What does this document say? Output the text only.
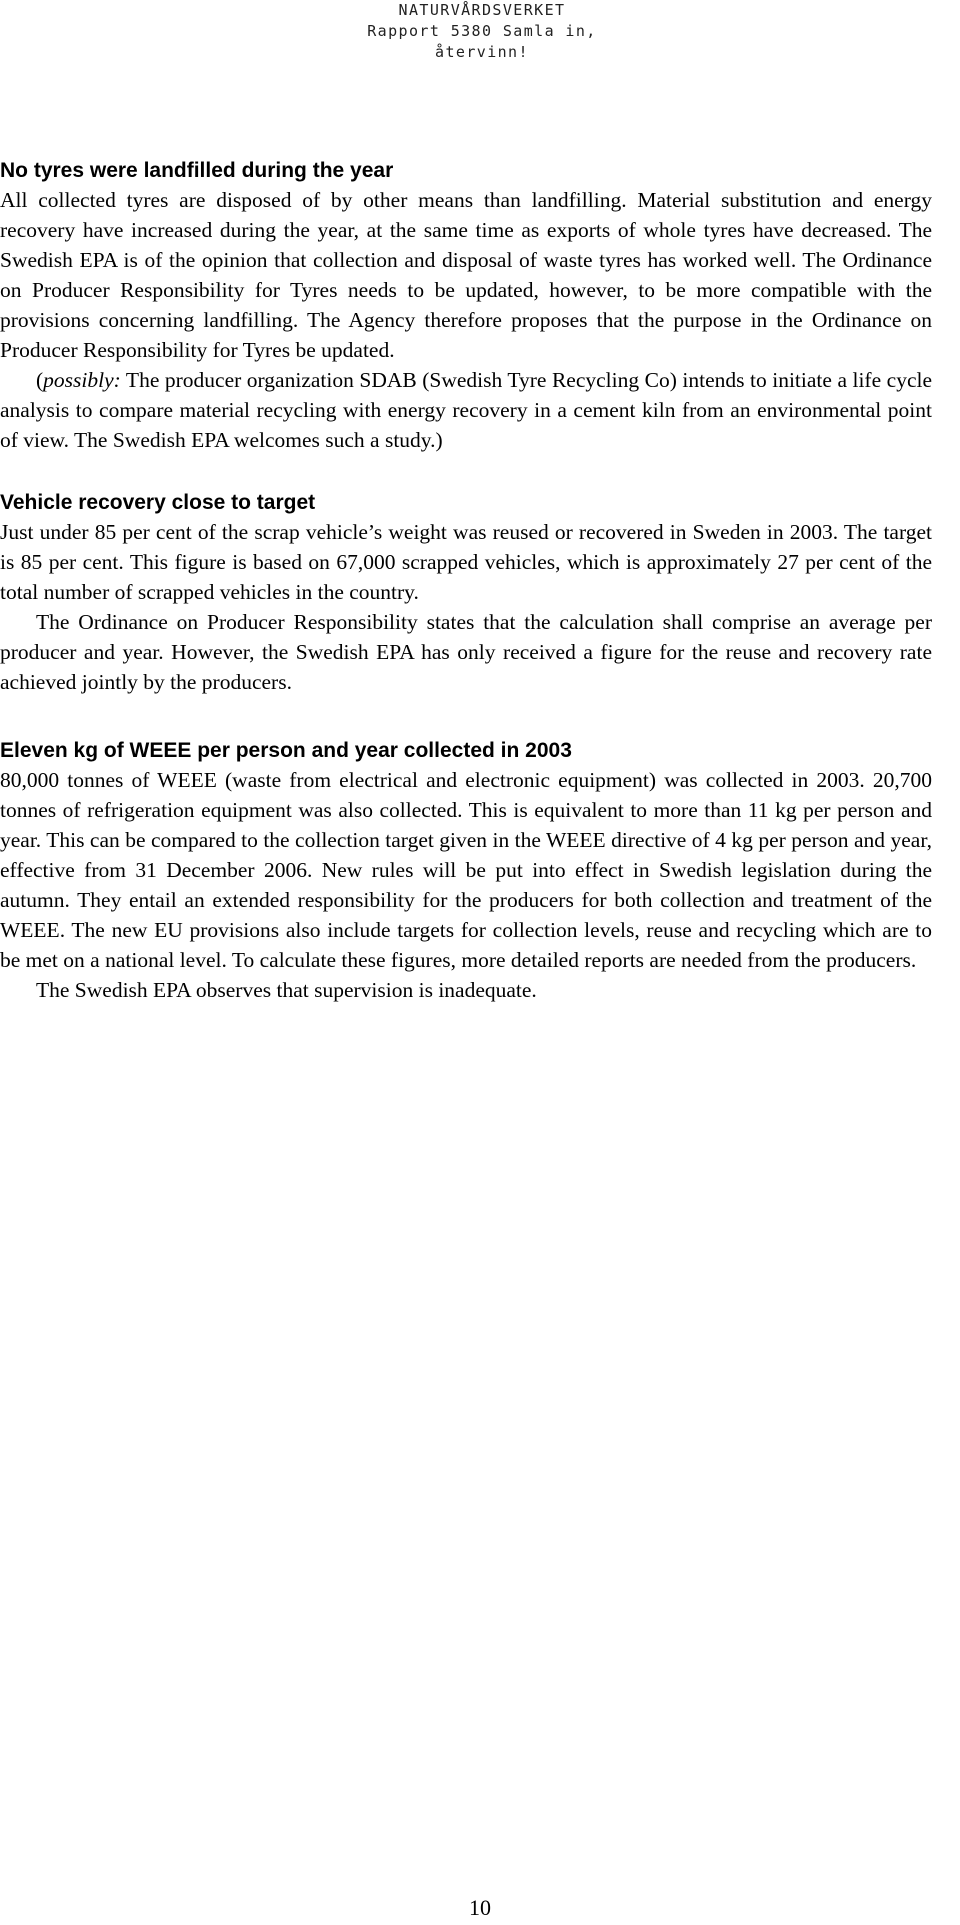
NATURVÅRDSVERKET
Rapport 5380 Samla in, återvinn!
No tyres were landfilled during the year

All collected tyres are disposed of by other means than landfilling. Material substitution and energy recovery have increased during the year, at the same time as exports of whole tyres have decreased. The Swedish EPA is of the opinion that collection and disposal of waste tyres has worked well. The Ordinance on Producer Responsibility for Tyres needs to be updated, however, to be more compatible with the provisions concerning landfilling. The Agency therefore proposes that the purpose in the Ordinance on Producer Responsibility for Tyres be updated.

(possibly: The producer organization SDAB (Swedish Tyre Recycling Co) intends to initiate a life cycle analysis to compare material recycling with energy recovery in a cement kiln from an environmental point of view. The Swedish EPA welcomes such a study.)

Vehicle recovery close to target

Just under 85 per cent of the scrap vehicle’s weight was reused or recovered in Sweden in 2003. The target is 85 per cent. This figure is based on 67,000 scrapped vehicles, which is approximately 27 per cent of the total number of scrapped vehicles in the country.

The Ordinance on Producer Responsibility states that the calculation shall comprise an average per producer and year. However, the Swedish EPA has only received a figure for the reuse and recovery rate achieved jointly by the producers.

Eleven kg of WEEE per person and year collected in 2003

80,000 tonnes of WEEE (waste from electrical and electronic equipment) was collected in 2003. 20,700 tonnes of refrigeration equipment was also collected. This is equivalent to more than 11 kg per person and year. This can be compared to the collection target given in the WEEE directive of 4 kg per person and year, effective from 31 December 2006. New rules will be put into effect in Swedish legislation during the autumn. They entail an extended responsibility for the producers for both collection and treatment of the WEEE. The new EU provisions also include targets for collection levels, reuse and recycling which are to be met on a national level. To calculate these figures, more detailed reports are needed from the producers.

The Swedish EPA observes that supervision is inadequate.

10
